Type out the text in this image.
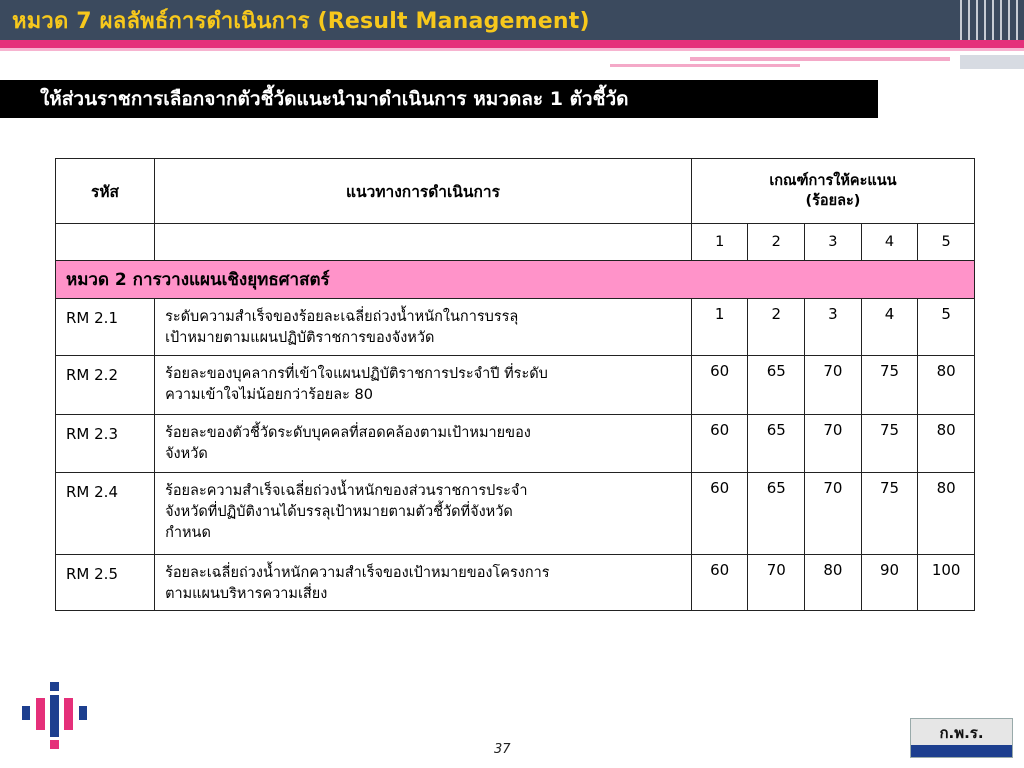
หมวด 7 ผลลัพธ์การดำเนินการ (Result Management)
ให้ส่วนราชการเลือกจากตัวชี้วัดแนะนำมาดำเนินการ หมวดละ 1 ตัวชี้วัด
รหัส	แนวทางการดำเนินการ	เกณฑ์การให้คะแนน
(ร้อยละ)				

		1	2	3	4	5
หมวด 2 การวางแผนเชิงยุทธศาสตร์						
RM 2.1	ระดับความสำเร็จของร้อยละเฉลี่ยถ่วงน้ำหนักในการบรรลุ
เป้าหมายตามแผนปฏิบัติราชการของจังหวัด	1	2	3	4	5
RM 2.2	ร้อยละของบุคลากรที่เข้าใจแผนปฏิบัติราชการประจำปี ที่ระดับ
ความเข้าใจไม่น้อยกว่าร้อยละ 80	60	65	70	75	80
RM 2.3	ร้อยละของตัวชี้วัดระดับบุคคลที่สอดคล้องตามเป้าหมายของ
จังหวัด	60	65	70	75	80
RM 2.4	ร้อยละความสำเร็จเฉลี่ยถ่วงน้ำหนักของส่วนราชการประจำ
จังหวัดที่ปฏิบัติงานได้บรรลุเป้าหมายตามตัวชี้วัดที่จังหวัด
กำหนด	60	65	70	75	80
RM 2.5	ร้อยละเฉลี่ยถ่วงน้ำหนักความสำเร็จของเป้าหมายของโครงการ
ตามแผนบริหารความเสี่ยง	60	70	80	90	100
37
ก.พ.ร.
